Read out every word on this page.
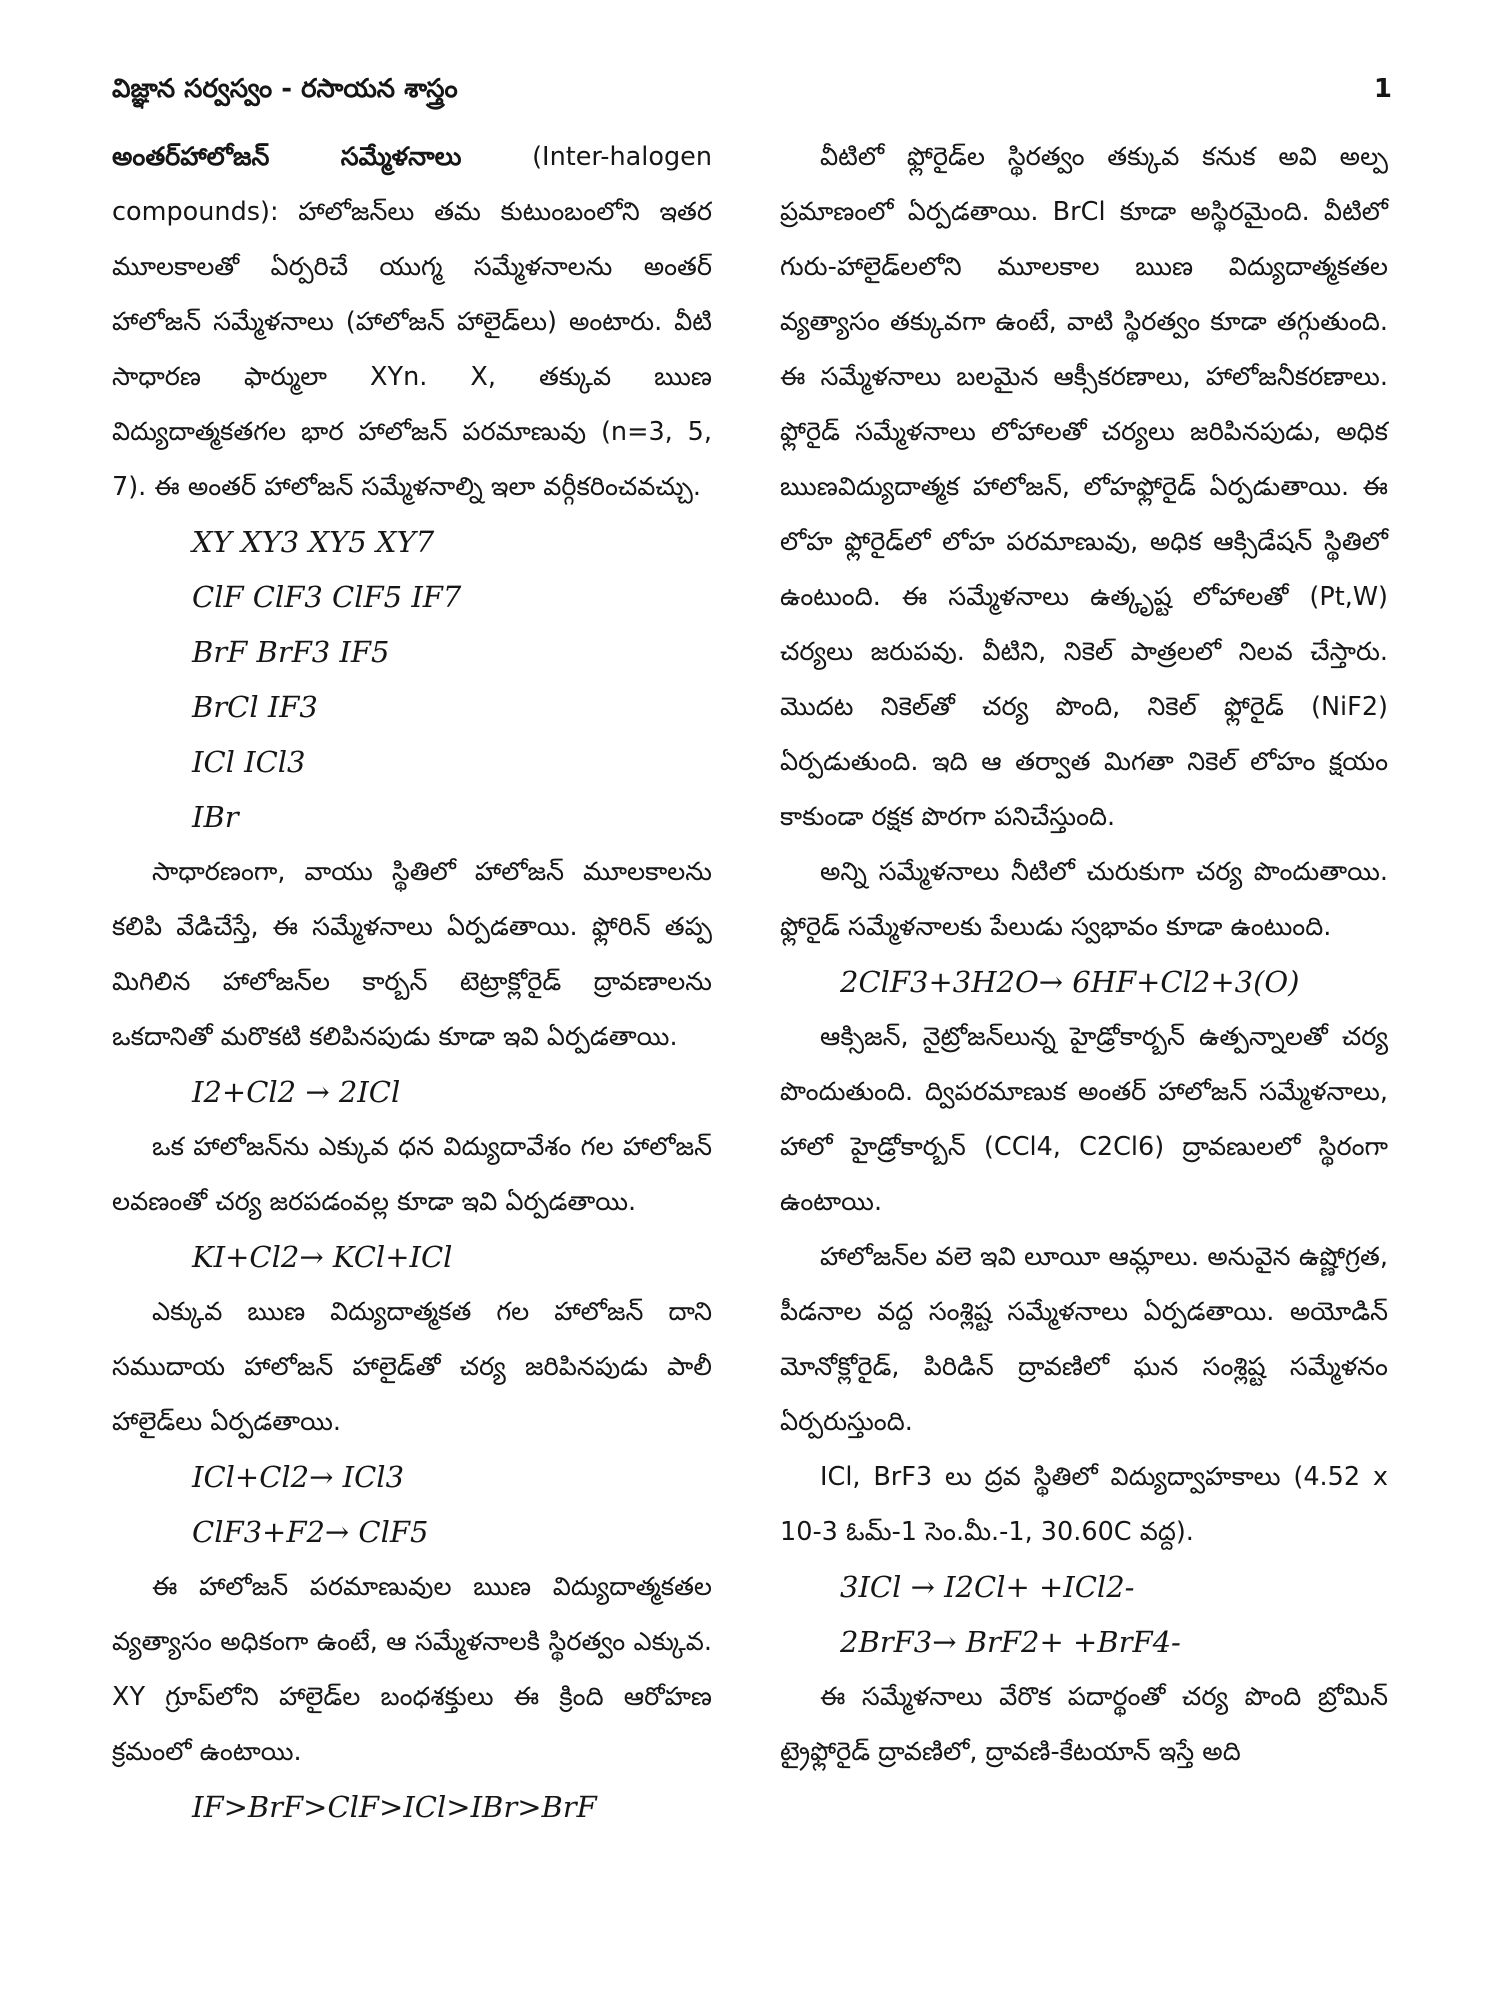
విజ్ఞాన సర్వస్వం - రసాయన శాస్త్రం	1

అంతర్‌హాలోజన్ సమ్మేళనాలు (Inter-halogen compounds): హాలోజన్‌లు తమ కుటుంబంలోని ఇతర మూలకాలతో ఏర్పరిచే యుగ్మ సమ్మేళనాలను అంతర్ హాలోజన్ సమ్మేళనాలు (హాలోజన్ హాలైడ్‌లు) అంటారు. వీటి సాధారణ ఫార్ములా XYn. X, తక్కువ ఋణ విద్యుదాత్మకతగల భార హాలోజన్ పరమాణువు (n=3, 5, 7). ఈ అంతర్ హాలోజన్ సమ్మేళనాల్ని ఇలా వర్గీకరించవచ్చు.

XY XY3 XY5 XY7
ClF ClF3 ClF5 IF7
BrF BrF3 IF5
BrCl IF3
ICl ICl3
IBr

సాధారణంగా, వాయు స్థితిలో హాలోజన్ మూలకాలను కలిపి వేడిచేస్తే, ఈ సమ్మేళనాలు ఏర్పడతాయి. ఫ్లోరిన్ తప్ప మిగిలిన హాలోజన్‌ల కార్బన్ టెట్రాక్లోరైడ్ ద్రావణాలను ఒకదానితో మరొకటి కలిపినపుడు కూడా ఇవి ఏర్పడతాయి.

I2+Cl2 → 2ICl

ఒక హాలోజన్‌ను ఎక్కువ ధన విద్యుదావేశం గల హాలోజన్ లవణంతో చర్య జరపడంవల్ల కూడా ఇవి ఏర్పడతాయి.

KI+Cl2→ KCl+ICl

ఎక్కువ ఋణ విద్యుదాత్మకత గల హాలోజన్ దాని సముదాయ హాలోజన్ హాలైడ్‌తో చర్య జరిపినపుడు పాలీ హాలైడ్‌లు ఏర్పడతాయి.

ICl+Cl2→ ICl3
ClF3+F2→ ClF5

ఈ హాలోజన్ పరమాణువుల ఋణ విద్యుదాత్మకతల వ్యత్యాసం అధికంగా ఉంటే, ఆ సమ్మేళనాలకి స్థిరత్వం ఎక్కువ. XY గ్రూప్‌లోని హాలైడ్‌ల బంధశక్తులు ఈ క్రింది ఆరోహణ క్రమంలో ఉంటాయి.

IF>BrF>ClF>ICl>IBr>BrF

వీటిలో ఫ్లోరైడ్‌ల స్థిరత్వం తక్కువ కనుక అవి అల్ప ప్రమాణంలో ఏర్పడతాయి. BrCl కూడా అస్థిరమైంది. వీటిలో గురు-హాలైడ్‌లలోని మూలకాల ఋణ విద్యుదాత్మకతల వ్యత్యాసం తక్కువగా ఉంటే, వాటి స్థిరత్వం కూడా తగ్గుతుంది. ఈ సమ్మేళనాలు బలమైన ఆక్సీకరణాలు, హాలోజనీకరణాలు. ఫ్లోరైడ్ సమ్మేళనాలు లోహాలతో చర్యలు జరిపినపుడు, అధిక ఋణవిద్యుదాత్మక హాలోజన్, లోహఫ్లోరైడ్ ఏర్పడుతాయి. ఈ లోహ ఫ్లోరైడ్‌లో లోహ పరమాణువు, అధిక ఆక్సిడేషన్ స్థితిలో ఉంటుంది. ఈ సమ్మేళనాలు ఉత్కృష్ట లోహాలతో (Pt,W) చర్యలు జరుపవు. వీటిని, నికెల్ పాత్రలలో నిలవ చేస్తారు. మొదట నికెల్‌తో చర్య పొంది, నికెల్ ఫ్లోరైడ్ (NiF2) ఏర్పడుతుంది. ఇది ఆ తర్వాత మిగతా నికెల్ లోహం క్షయం కాకుండా రక్షక పొరగా పనిచేస్తుంది.

అన్ని సమ్మేళనాలు నీటిలో చురుకుగా చర్య పొందుతాయి. ఫ్లోరైడ్ సమ్మేళనాలకు పేలుడు స్వభావం కూడా ఉంటుంది.

2ClF3+3H2O→ 6HF+Cl2+3(O)

ఆక్సిజన్, నైట్రోజన్‌లున్న హైడ్రోకార్బన్ ఉత్పన్నాలతో చర్య పొందుతుంది. ద్విపరమాణుక అంతర్ హాలోజన్ సమ్మేళనాలు, హాలో హైడ్రోకార్బన్ (CCl4, C2Cl6) ద్రావణులలో స్థిరంగా ఉంటాయి.

హాలోజన్‌ల వలె ఇవి లూయీ ఆమ్లాలు. అనువైన ఉష్ణోగ్రత, పీడనాల వద్ద సంశ్లిష్ట సమ్మేళనాలు ఏర్పడతాయి. అయోడిన్ మోనోక్లోరైడ్, పిరిడిన్ ద్రావణిలో ఘన సంశ్లిష్ట సమ్మేళనం ఏర్పరుస్తుంది.

ICl, BrF3 లు ద్రవ స్థితిలో విద్యుద్వాహకాలు (4.52 x 10-3 ఓమ్-1 సెం.మీ.-1, 30.60C వద్ద).

3ICl → I2Cl+ +ICl2-
2BrF3→ BrF2+ +BrF4-

ఈ సమ్మేళనాలు వేరొక పదార్థంతో చర్య పొంది బ్రోమిన్ ట్రైఫ్లోరైడ్ ద్రావణిలో, ద్రావణి-కేటయాన్ ఇస్తే అది
